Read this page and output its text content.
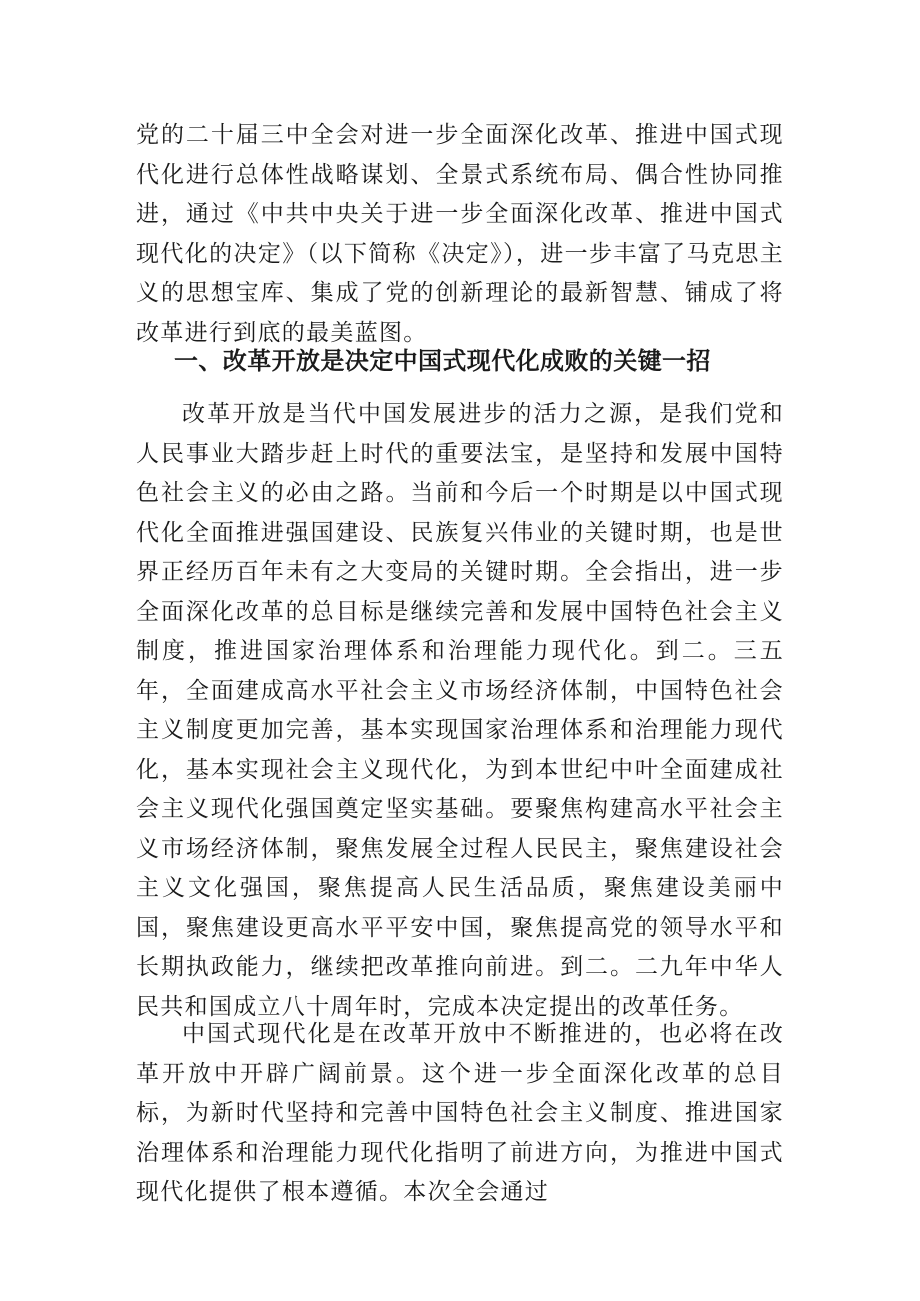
党的二十届三中全会对进一步全面深化改革、推进中国式现代化进行总体性战略谋划、全景式系统布局、偶合性协同推进，通过《中共中央关于进一步全面深化改革、推进中国式现代化的决定》（以下简称《决定》），进一步丰富了马克思主义的思想宝库、集成了党的创新理论的最新智慧、铺成了将改革进行到底的最美蓝图。

一、改革开放是决定中国式现代化成败的关键一招

改革开放是当代中国发展进步的活力之源，是我们党和人民事业大踏步赶上时代的重要法宝，是坚持和发展中国特色社会主义的必由之路。当前和今后一个时期是以中国式现代化全面推进强国建设、民族复兴伟业的关键时期，也是世界正经历百年未有之大变局的关键时期。全会指出，进一步全面深化改革的总目标是继续完善和发展中国特色社会主义制度，推进国家治理体系和治理能力现代化。到二。三五年，全面建成高水平社会主义市场经济体制，中国特色社会主义制度更加完善，基本实现国家治理体系和治理能力现代化，基本实现社会主义现代化，为到本世纪中叶全面建成社会主义现代化强国奠定坚实基础。要聚焦构建高水平社会主义市场经济体制，聚焦发展全过程人民民主，聚焦建设社会主义文化强国，聚焦提高人民生活品质，聚焦建设美丽中国，聚焦建设更高水平平安中国，聚焦提高党的领导水平和长期执政能力，继续把改革推向前进。到二。二九年中华人民共和国成立八十周年时，完成本决定提出的改革任务。

中国式现代化是在改革开放中不断推进的，也必将在改革开放中开辟广阔前景。这个进一步全面深化改革的总目标，为新时代坚持和完善中国特色社会主义制度、推进国家治理体系和治理能力现代化指明了前进方向，为推进中国式现代化提供了根本遵循。本次全会通过
